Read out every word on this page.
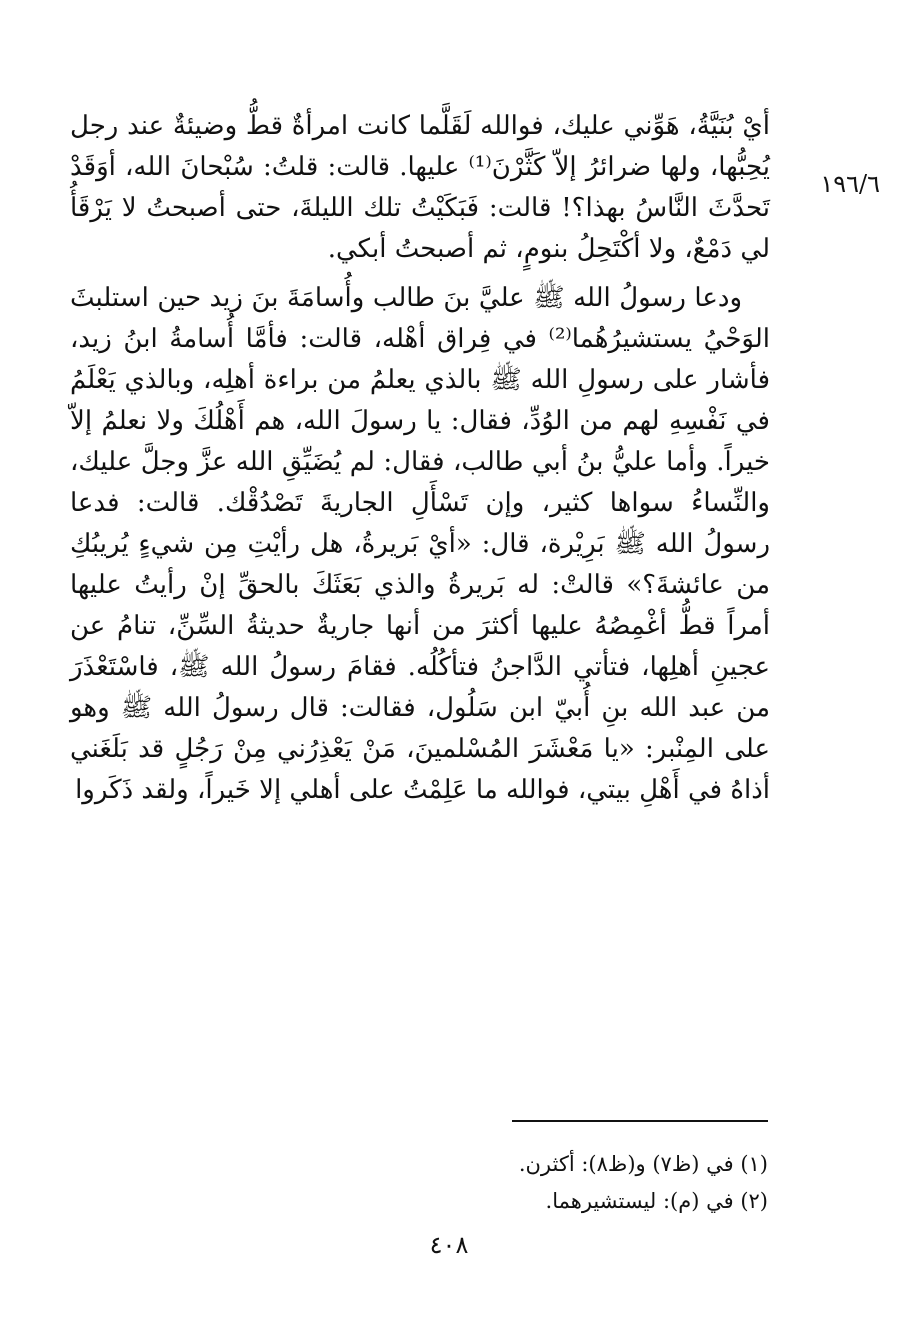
١٩٦/٦

أيْ بُنَيَّةُ، هَوِّني عليك، فوالله لَقَلَّما كانت امرأةٌ قطُّ وضيئةٌ عند رجل يُحِبُّها، ولها ضرائرُ إلاّ كَثَّرْنَ⁽¹⁾ عليها. قالت: قلتُ: سُبْحانَ الله، أوَقَدْ تَحدَّثَ النَّاسُ بهذا؟! قالت: فَبَكَيْتُ تلك الليلةَ، حتى أصبحتُ لا يَرْقَأُ لي دَمْعٌ، ولا أكْتَحِلُ بنومٍ، ثم أصبحتُ أبكي.

ودعا رسولُ الله ﷺ عليَّ بنَ طالب وأُسامَةَ بنَ زيد حين استلبثَ الوَحْيُ يستشيرُهُما⁽²⁾ في فِراق أهْله، قالت: فأمَّا أُسامةُ ابنُ زيد، فأشار على رسولِ الله ﷺ بالذي يعلمُ من براءة أهلِه، وبالذي يَعْلَمُ في نَفْسِهِ لهم من الوُدِّ، فقال: يا رسولَ الله، هم أَهْلُكَ ولا نعلمُ إلاّ خيراً. وأما عليُّ بنُ أبي طالب، فقال: لم يُضَيِّقِ الله عزَّ وجلَّ عليك، والنِّساءُ سواها كثير، وإن تَسْأَلِ الجاريةَ تَصْدُقْك. قالت: فدعا رسولُ الله ﷺ بَرِيْرة، قال: «أيْ بَريرةُ، هل رأيْتِ مِن شيءٍ يُريبُكِ من عائشةَ؟» قالتْ: له بَريرةُ والذي بَعَثَكَ بالحقِّ إنْ رأيتُ عليها أمراً قطُّ أغْمِصُهُ عليها أكثرَ من أنها جاريةٌ حديثةُ السِّنِّ، تنامُ عن عجينِ أهلِها، فتأتي الدَّاجنُ فتأكُلُه. فقامَ رسولُ الله ﷺ، فاسْتَعْذَرَ من عبد الله بنِ أُبيّ ابن سَلُول، فقالت: قال رسولُ الله ﷺ وهو على المِنْبر: «يا مَعْشَرَ المُسْلمينَ، مَنْ يَعْذِرُني مِنْ رَجُلٍ قد بَلَغَني أذاهُ في أَهْلِ بيتي، فوالله ما عَلِمْتُ على أهلي إلا خَيراً، ولقد ذَكَروا

(١) في (ظ٧) و(ظ٨): أكثرن.

(٢) في (م): ليستشيرهما.

٤٠٨
